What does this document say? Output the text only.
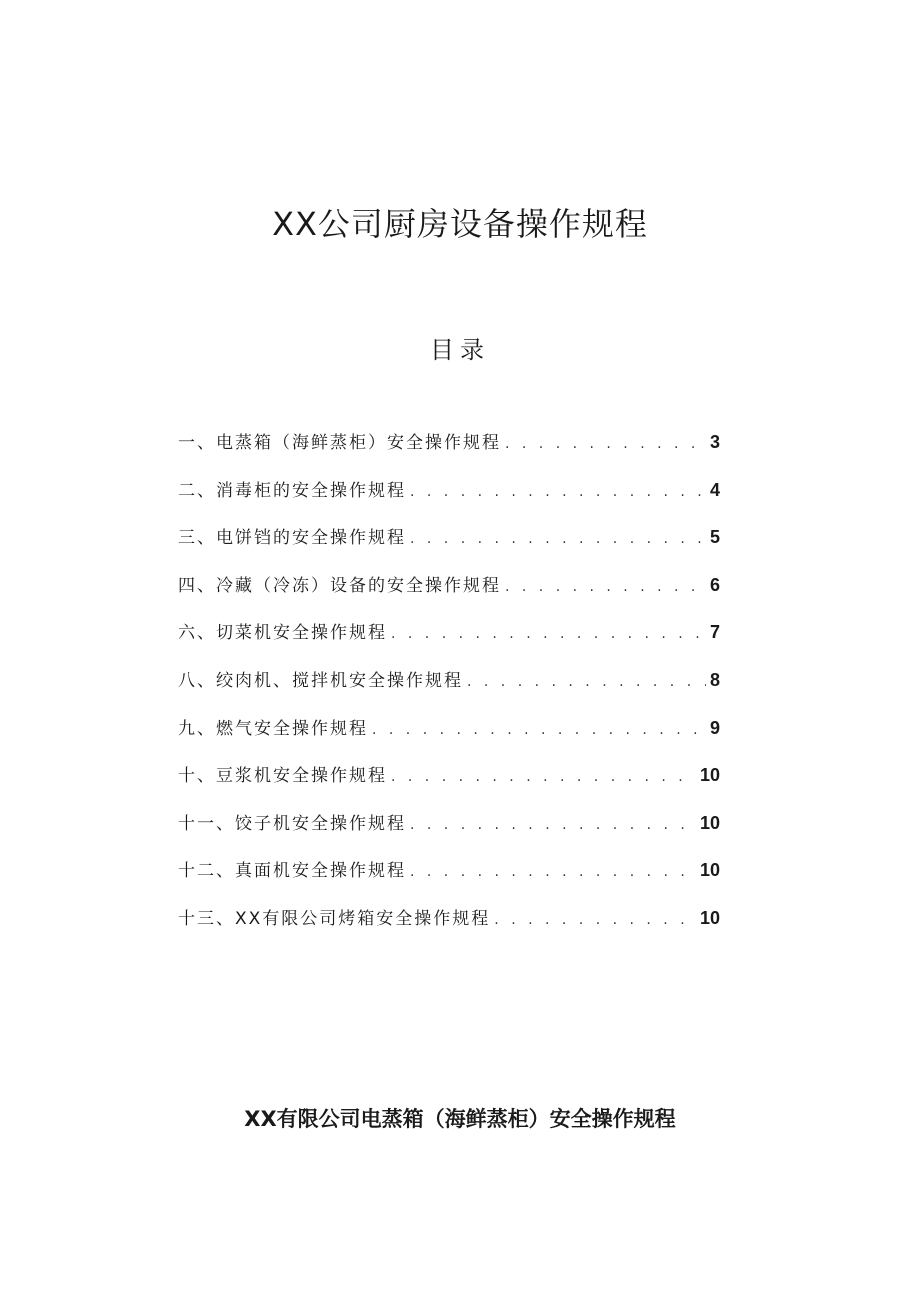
XX公司厨房设备操作规程
目录
一、电蒸箱（海鲜蒸柜）安全操作规程 . . .	3
二、消毒柜的安全操作规程 . . .	4
三、电饼铛的安全操作规程 . . .	5
四、冷藏（冷冻）设备的安全操作规程 . . .	6
六、切菜机安全操作规程 . . .	7
八、绞肉机、搅拌机安全操作规程 . . .	8
九、燃气安全操作规程 . . .	9
十、豆浆机安全操作规程 . . .	10
十一、饺子机安全操作规程 . . .	10
十二、真面机安全操作规程 . . .	10
十三、XX有限公司烤箱安全操作规程 . . .	10
XX有限公司电蒸箱（海鲜蒸柜）安全操作规程
